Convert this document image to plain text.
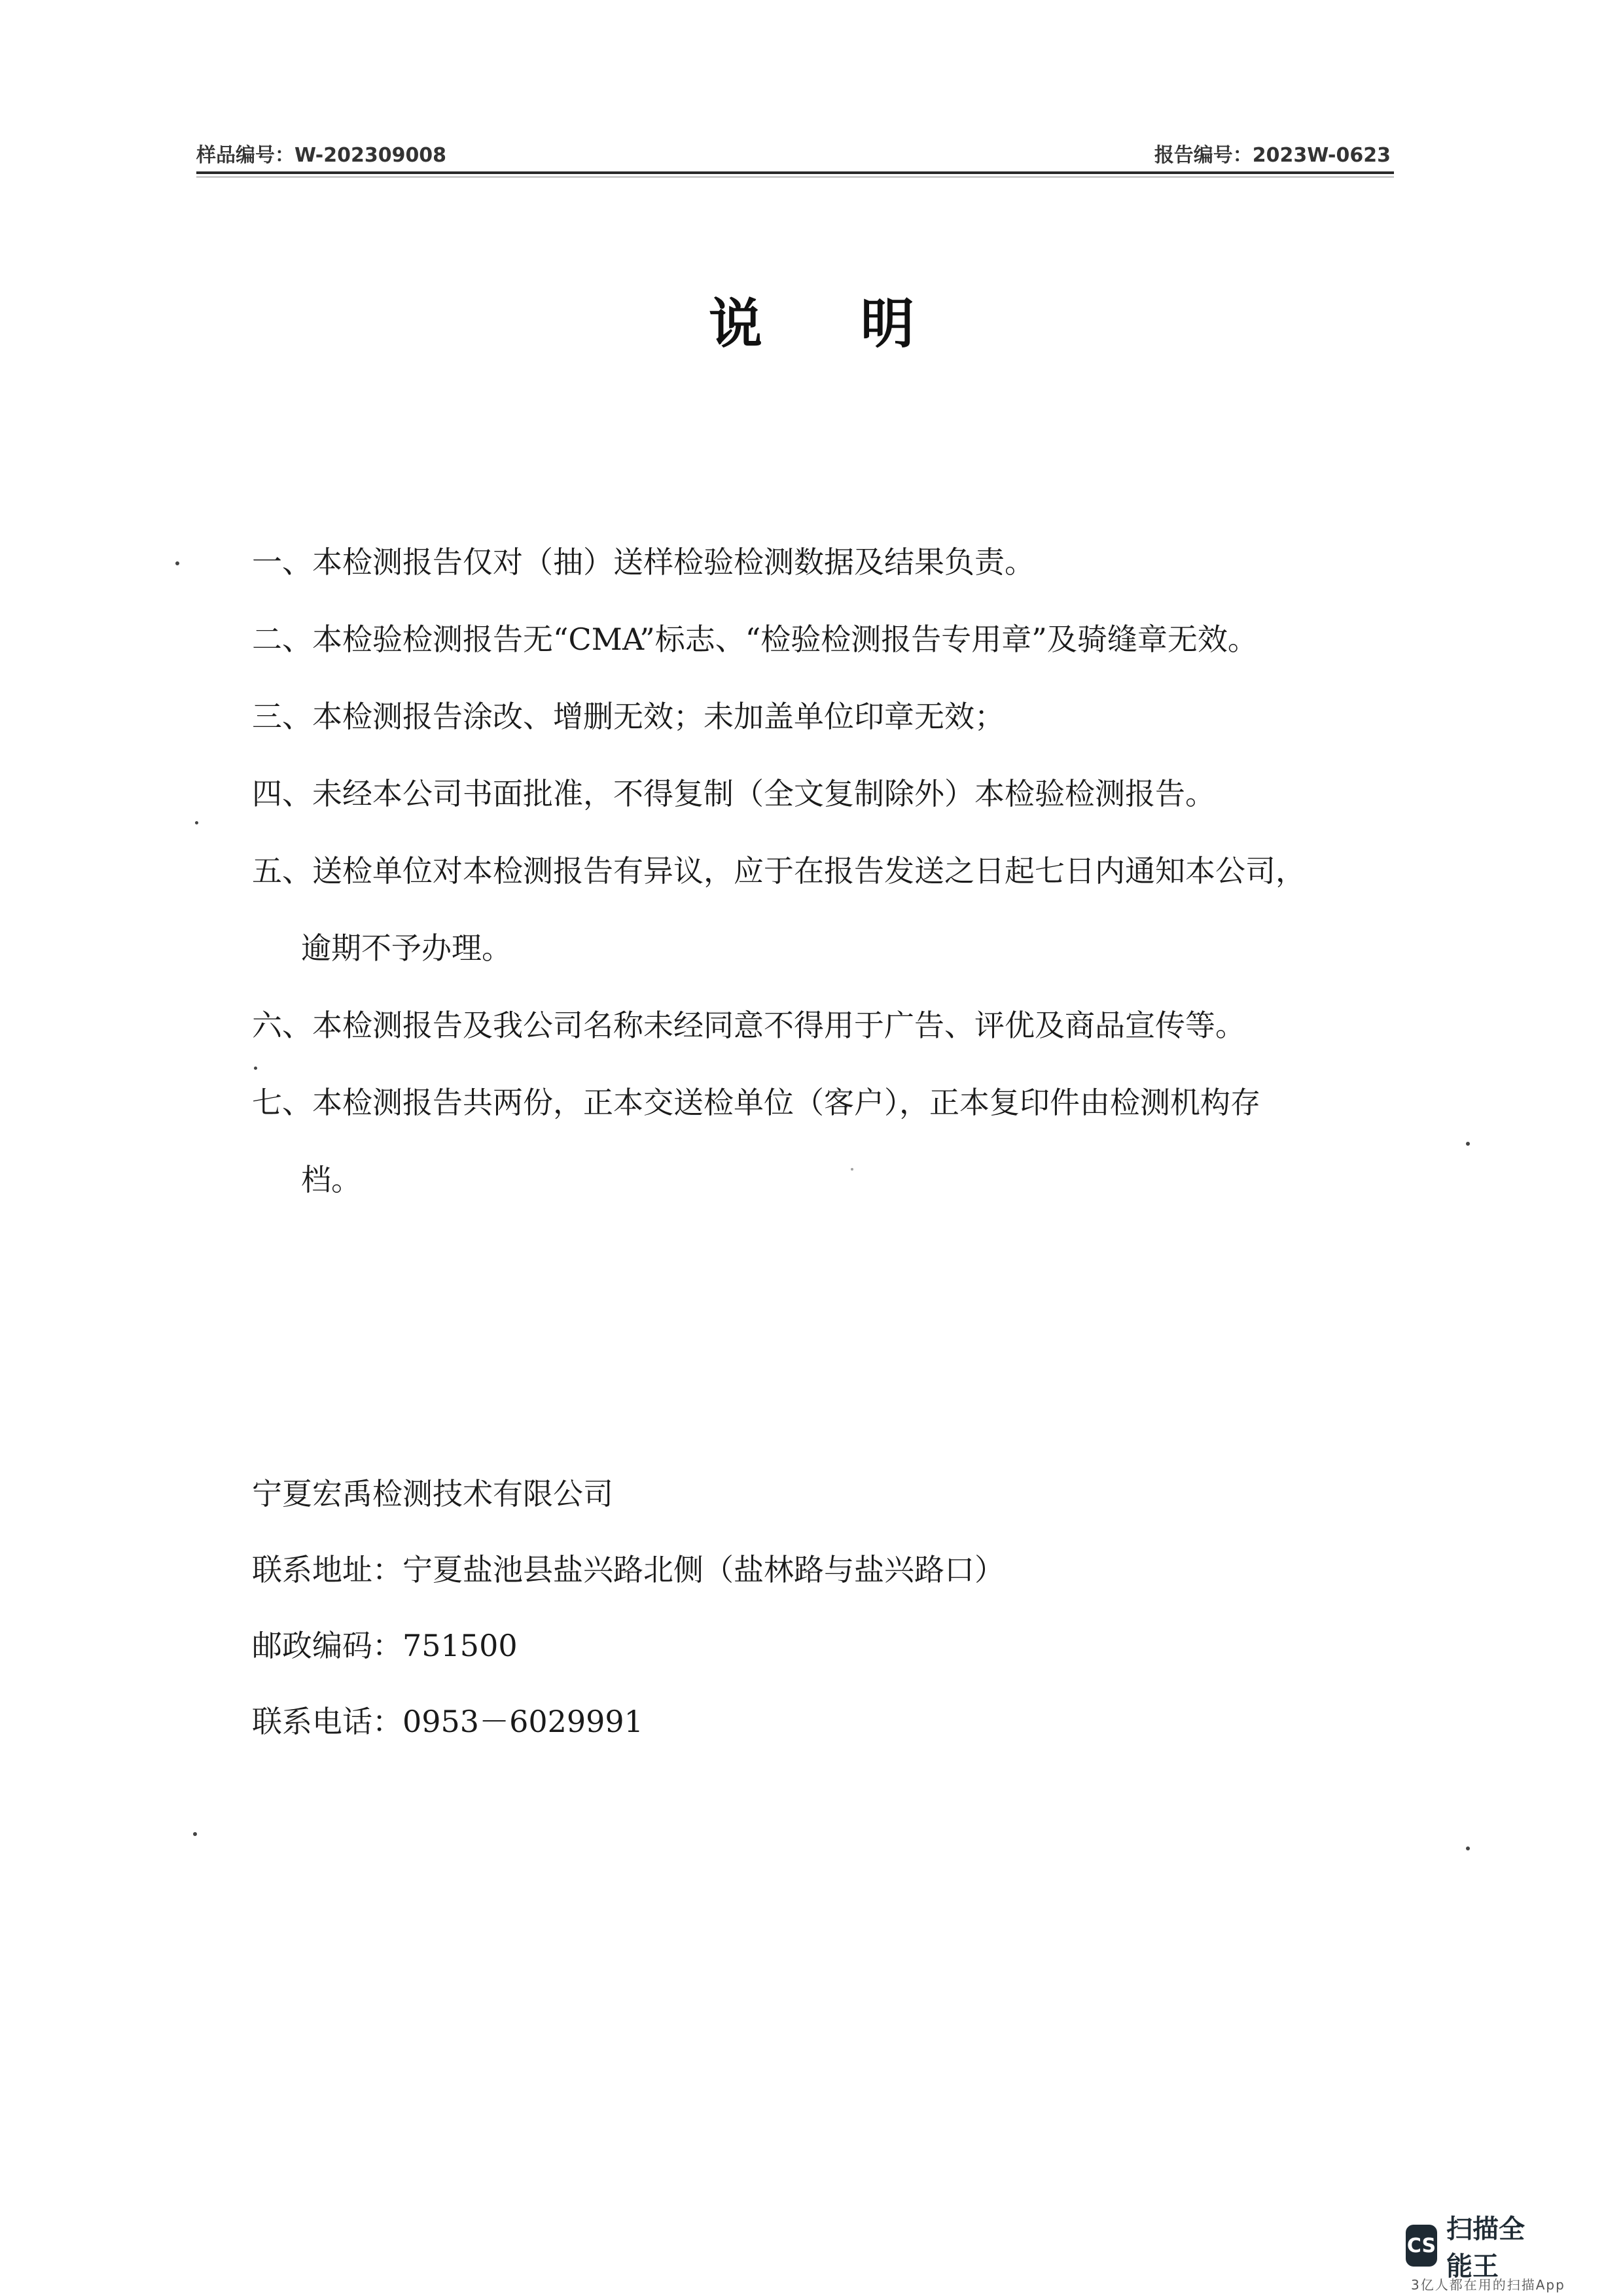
样品编号：W-202309008	报告编号：2023W-0623
说明
一、 本检测报告仅对（抽）送样检验检测数据及结果负责。
二、 本检验检测报告无“CMA”标志、“检验检测报告专用章”及骑缝章无效。
三、 本检测报告涂改、增删无效；未加盖单位印章无效；
四、 未经本公司书面批准，不得复制（全文复制除外）本检验检测报告。
五、 送检单位对本检测报告有异议，应于在报告发送之日起七日内通知本公司，
逾期不予办理。
六、 本检测报告及我公司名称未经同意不得用于广告、评优及商品宣传等。
七、 本检测报告共两份，正本交送检单位（客户），正本复印件由检测机构存
档。
宁夏宏禹检测技术有限公司
联系地址：宁夏盐池县盐兴路北侧（盐林路与盐兴路口）
邮政编码：751500
联系电话：0953－6029991
CS
扫描全能王
3亿人都在用的扫描App
